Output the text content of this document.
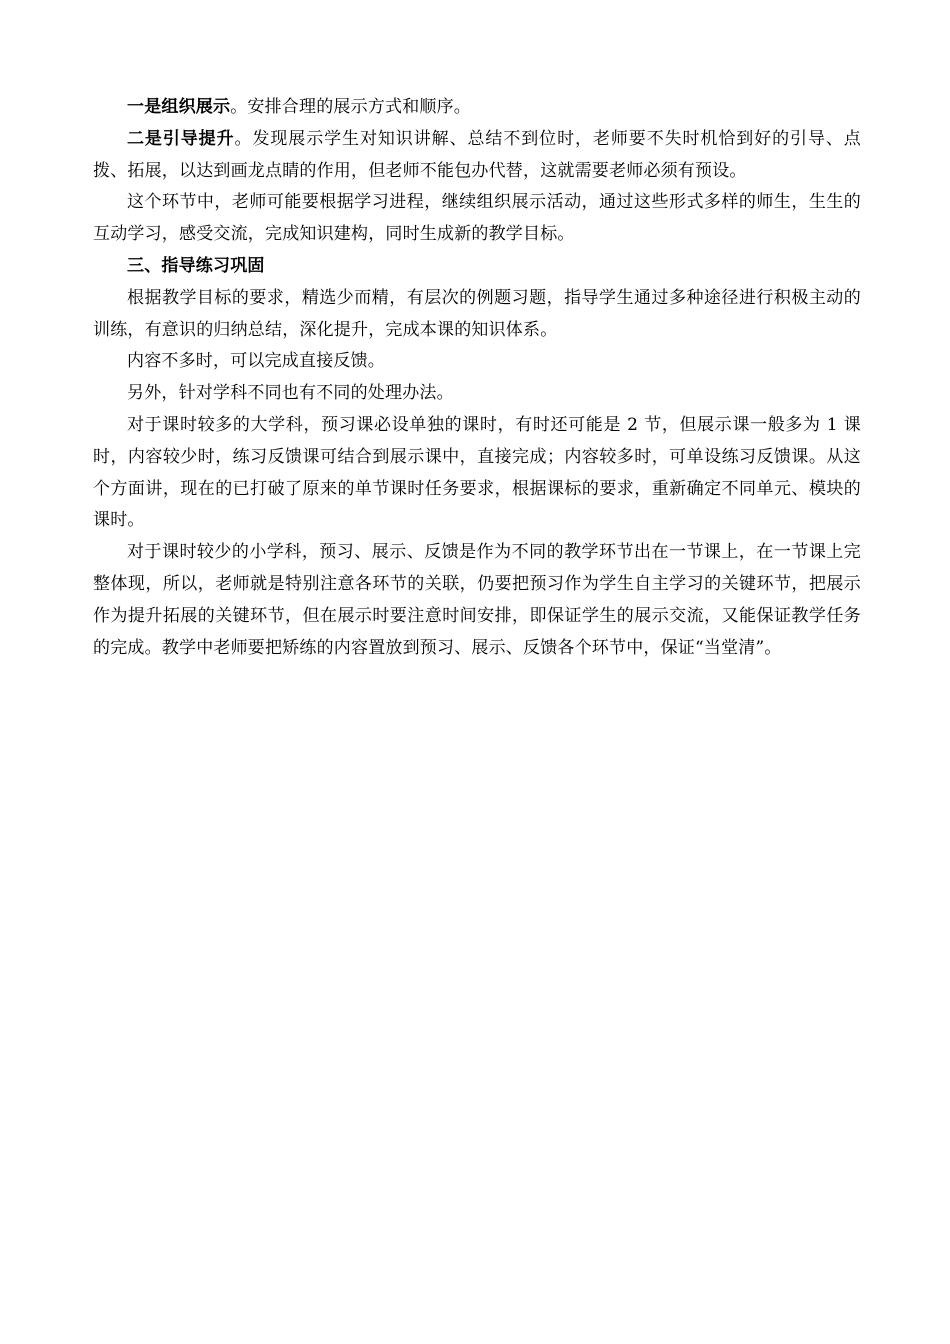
一是组织展示。安排合理的展示方式和顺序。

二是引导提升。发现展示学生对知识讲解、总结不到位时，老师要不失时机恰到好的引导、点拨、拓展，以达到画龙点睛的作用，但老师不能包办代替，这就需要老师必须有预设。

这个环节中，老师可能要根据学习进程，继续组织展示活动，通过这些形式多样的师生，生生的互动学习，感受交流，完成知识建构，同时生成新的教学目标。

三、指导练习巩固

根据教学目标的要求，精选少而精，有层次的例题习题，指导学生通过多种途径进行积极主动的训练，有意识的归纳总结，深化提升，完成本课的知识体系。

内容不多时，可以完成直接反馈。

另外，针对学科不同也有不同的处理办法。

对于课时较多的大学科，预习课必设单独的课时，有时还可能是 2 节，但展示课一般多为 1 课时，内容较少时，练习反馈课可结合到展示课中，直接完成；内容较多时，可单设练习反馈课。从这个方面讲，现在的已打破了原来的单节课时任务要求，根据课标的要求，重新确定不同单元、模块的课时。

对于课时较少的小学科，预习、展示、反馈是作为不同的教学环节出在一节课上，在一节课上完整体现，所以，老师就是特别注意各环节的关联，仍要把预习作为学生自主学习的关键环节，把展示作为提升拓展的关键环节，但在展示时要注意时间安排，即保证学生的展示交流，又能保证教学任务的完成。教学中老师要把矫练的内容置放到预习、展示、反馈各个环节中，保证“当堂清”。
